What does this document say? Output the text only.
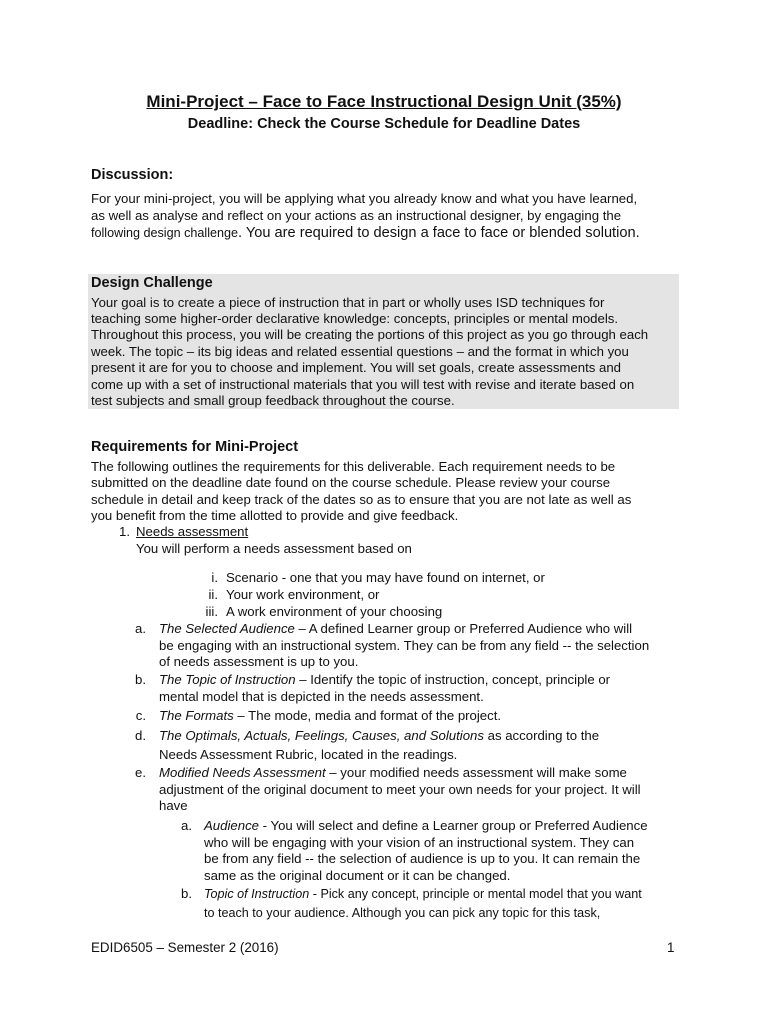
Mini-Project – Face to Face Instructional Design Unit (35%)
Deadline: Check the Course Schedule for Deadline Dates
Discussion:
For your mini-project, you will be applying what you already know and what you have learned,
as well as analyse and reflect on your actions as an instructional designer, by engaging the
following design challenge. You are required to design a face to face or blended solution.
Design Challenge
Your goal is to create a piece of instruction that in part or wholly uses ISD techniques for
teaching some higher-order declarative knowledge: concepts, principles or mental models.
Throughout this process, you will be creating the portions of this project as you go through each
week. The topic – its big ideas and related essential questions – and the format in which you
present it are for you to choose and implement. You will set goals, create assessments and
come up with a set of instructional materials that you will test with revise and iterate based on
test subjects and small group feedback throughout the course.
Requirements for Mini-Project
The following outlines the requirements for this deliverable. Each requirement needs to be
submitted on the deadline date found on the course schedule. Please review your course
schedule in detail and keep track of the dates so as to ensure that you are not late as well as
you benefit from the time allotted to provide and give feedback.
1. Needs assessment
You will perform a needs assessment based on
i. Scenario - one that you may have found on internet, or
ii. Your work environment, or
iii. A work environment of your choosing
a. The Selected Audience – A defined Learner group or Preferred Audience who will
be engaging with an instructional system. They can be from any field -- the selection
of needs assessment is up to you.
b. The Topic of Instruction – Identify the topic of instruction, concept, principle or
mental model that is depicted in the needs assessment.
c. The Formats – The mode, media and format of the project.
d. The Optimals, Actuals, Feelings, Causes, and Solutions as according to the
Needs Assessment Rubric, located in the readings.
e. Modified Needs Assessment – your modified needs assessment will make some
adjustment of the original document to meet your own needs for your project. It will
have
a. Audience - You will select and define a Learner group or Preferred Audience
who will be engaging with your vision of an instructional system. They can
be from any field -- the selection of audience is up to you. It can remain the
same as the original document or it can be changed.
b. Topic of Instruction - Pick any concept, principle or mental model that you want
to teach to your audience. Although you can pick any topic for this task,
EDID6505 – Semester 2 (2016)	1
